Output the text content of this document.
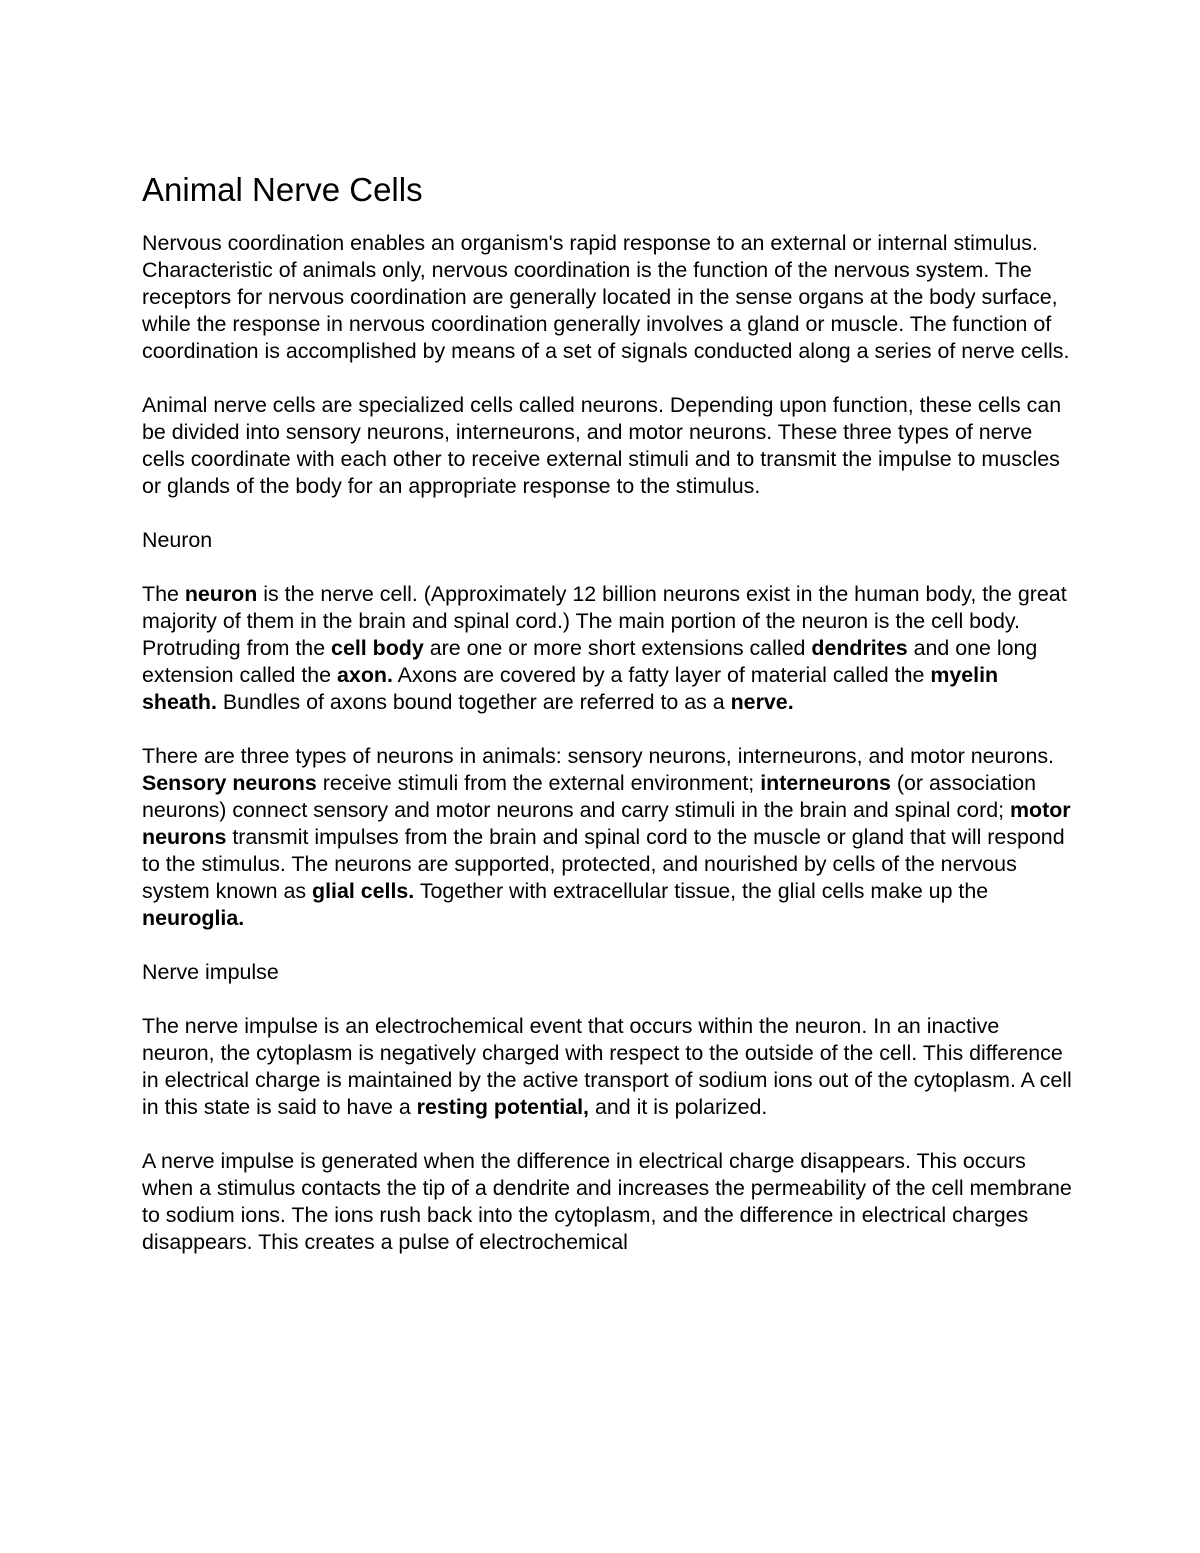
Animal Nerve Cells

Nervous coordination enables an organism's rapid response to an external or internal stimulus. Characteristic of animals only, nervous coordination is the function of the nervous system. The receptors for nervous coordination are generally located in the sense organs at the body surface, while the response in nervous coordination generally involves a gland or muscle. The function of coordination is accomplished by means of a set of signals conducted along a series of nerve cells.

Animal nerve cells are specialized cells called neurons. Depending upon function, these cells can be divided into sensory neurons, interneurons, and motor neurons. These three types of nerve cells coordinate with each other to receive external stimuli and to transmit the impulse to muscles or glands of the body for an appropriate response to the stimulus.

Neuron

The neuron is the nerve cell. (Approximately 12 billion neurons exist in the human body, the great majority of them in the brain and spinal cord.) The main portion of the neuron is the cell body. Protruding from the cell body are one or more short extensions called dendrites and one long extension called the axon. Axons are covered by a fatty layer of material called the myelin sheath. Bundles of axons bound together are referred to as a nerve.

There are three types of neurons in animals: sensory neurons, interneurons, and motor neurons. Sensory neurons receive stimuli from the external environment; interneurons (or association neurons) connect sensory and motor neurons and carry stimuli in the brain and spinal cord; motor neurons transmit impulses from the brain and spinal cord to the muscle or gland that will respond to the stimulus. The neurons are supported, protected, and nourished by cells of the nervous system known as glial cells. Together with extracellular tissue, the glial cells make up the neuroglia.

Nerve impulse

The nerve impulse is an electrochemical event that occurs within the neuron. In an inactive neuron, the cytoplasm is negatively charged with respect to the outside of the cell. This difference in electrical charge is maintained by the active transport of sodium ions out of the cytoplasm. A cell in this state is said to have a resting potential, and it is polarized.

A nerve impulse is generated when the difference in electrical charge disappears. This occurs when a stimulus contacts the tip of a dendrite and increases the permeability of the cell membrane to sodium ions. The ions rush back into the cytoplasm, and the difference in electrical charges disappears. This creates a pulse of electrochemical
